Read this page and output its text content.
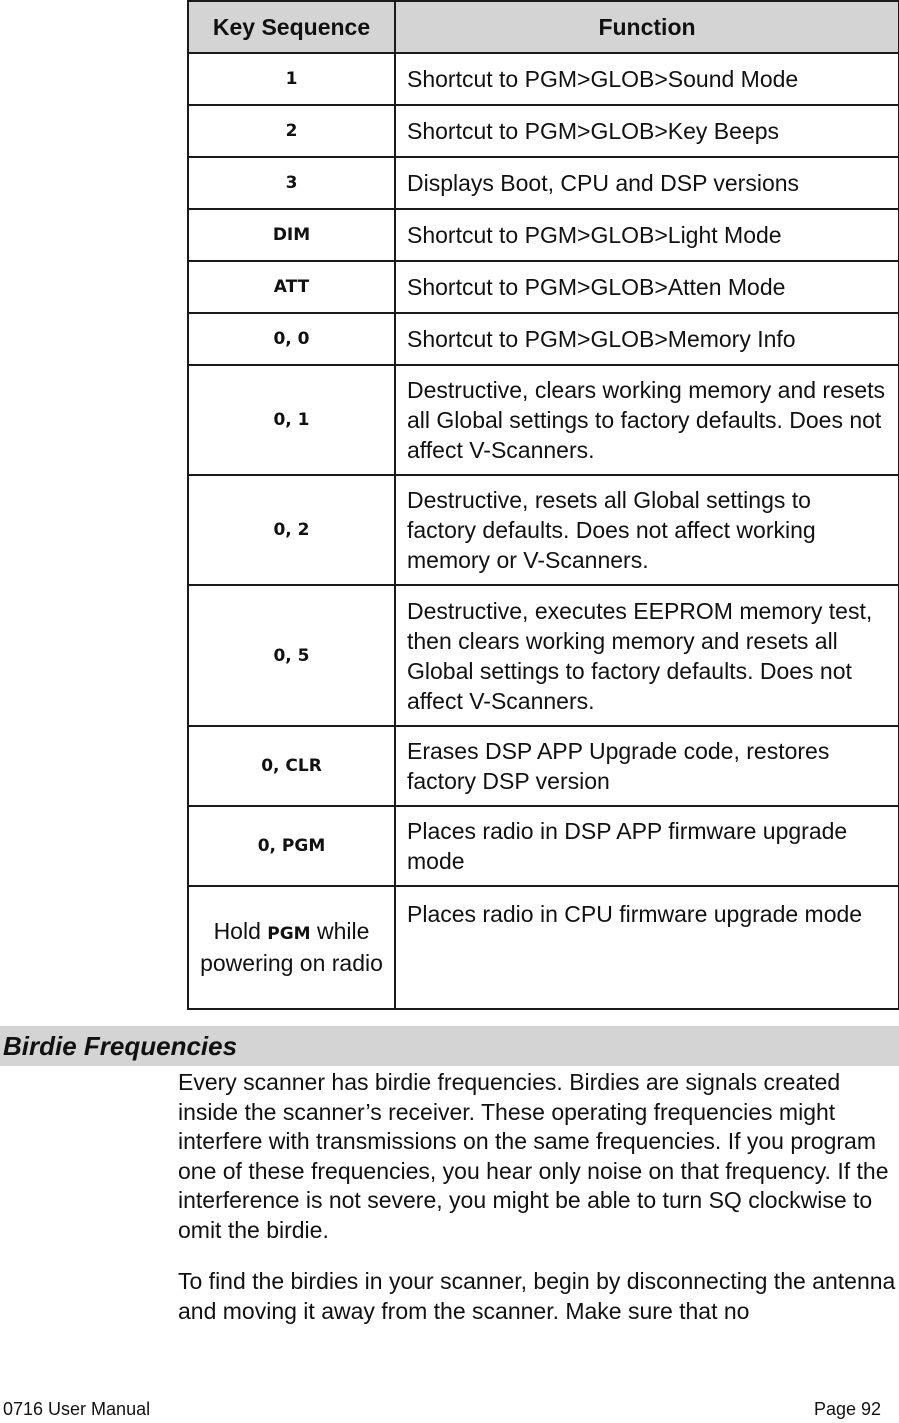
Key Sequence	Function
1	Shortcut to PGM>GLOB>Sound Mode
2	Shortcut to PGM>GLOB>Key Beeps
3	Displays Boot, CPU and DSP versions
DIM	Shortcut to PGM>GLOB>Light Mode
ATT	Shortcut to PGM>GLOB>Atten Mode
0, 0	Shortcut to PGM>GLOB>Memory Info
0, 1	Destructive, clears working memory and resets all Global settings to factory defaults. Does not affect V-Scanners.
0, 2	Destructive, resets all Global settings to factory defaults. Does not affect working memory or V-Scanners.
0, 5	Destructive, executes EEPROM memory test, then clears working memory and resets all Global settings to factory defaults. Does not affect V-Scanners.
0, CLR	Erases DSP APP Upgrade code, restores factory DSP version
0, PGM	Places radio in DSP APP firmware upgrade mode
Hold PGM while powering on radio	Places radio in CPU firmware upgrade mode
Birdie Frequencies

Every scanner has birdie frequencies. Birdies are signals created inside the scanner’s receiver. These operating frequencies might interfere with transmissions on the same frequencies. If you program one of these frequencies, you hear only noise on that frequency. If the interference is not severe, you might be able to turn SQ clockwise to omit the birdie.

To find the birdies in your scanner, begin by disconnecting the antenna and moving it away from the scanner. Make sure that no

0716 User Manual	Page 92
